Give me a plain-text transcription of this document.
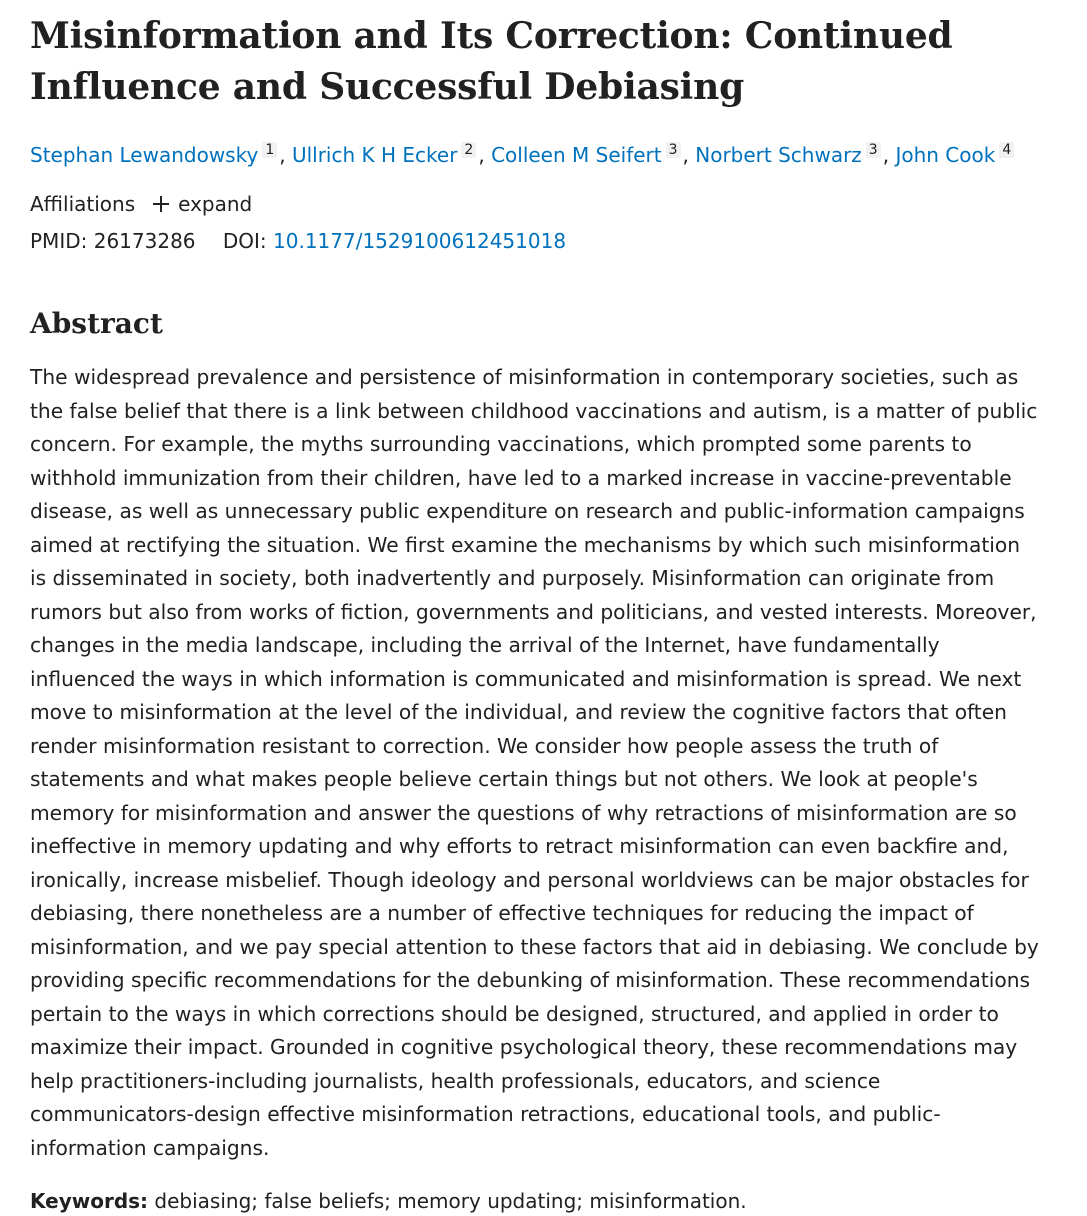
Misinformation and Its Correction: Continued Influence and Successful Debiasing
Stephan Lewandowsky 1 , Ullrich K H Ecker 2 , Colleen M Seifert 3 , Norbert Schwarz 3 , John Cook 4
Affiliations expand
PMID: 26173286 DOI: 10.1177/1529100612451018
Abstract

The widespread prevalence and persistence of misinformation in contemporary societies, such as the false belief that there is a link between childhood vaccinations and autism, is a matter of public concern. For example, the myths surrounding vaccinations, which prompted some parents to withhold immunization from their children, have led to a marked increase in vaccine-preventable disease, as well as unnecessary public expenditure on research and public-information campaigns aimed at rectifying the situation. We first examine the mechanisms by which such misinformation is disseminated in society, both inadvertently and purposely. Misinformation can originate from rumors but also from works of fiction, governments and politicians, and vested interests. Moreover, changes in the media landscape, including the arrival of the Internet, have fundamentally influenced the ways in which information is communicated and misinformation is spread. We next move to misinformation at the level of the individual, and review the cognitive factors that often render misinformation resistant to correction. We consider how people assess the truth of statements and what makes people believe certain things but not others. We look at people's memory for misinformation and answer the questions of why retractions of misinformation are so ineffective in memory updating and why efforts to retract misinformation can even backfire and, ironically, increase misbelief. Though ideology and personal worldviews can be major obstacles for debiasing, there nonetheless are a number of effective techniques for reducing the impact of misinformation, and we pay special attention to these factors that aid in debiasing. We conclude by providing specific recommendations for the debunking of misinformation. These recommendations pertain to the ways in which corrections should be designed, structured, and applied in order to maximize their impact. Grounded in cognitive psychological theory, these recommendations may help practitioners-including journalists, health professionals, educators, and science communicators-design effective misinformation retractions, educational tools, and public-information campaigns.

Keywords: debiasing; false beliefs; memory updating; misinformation.
